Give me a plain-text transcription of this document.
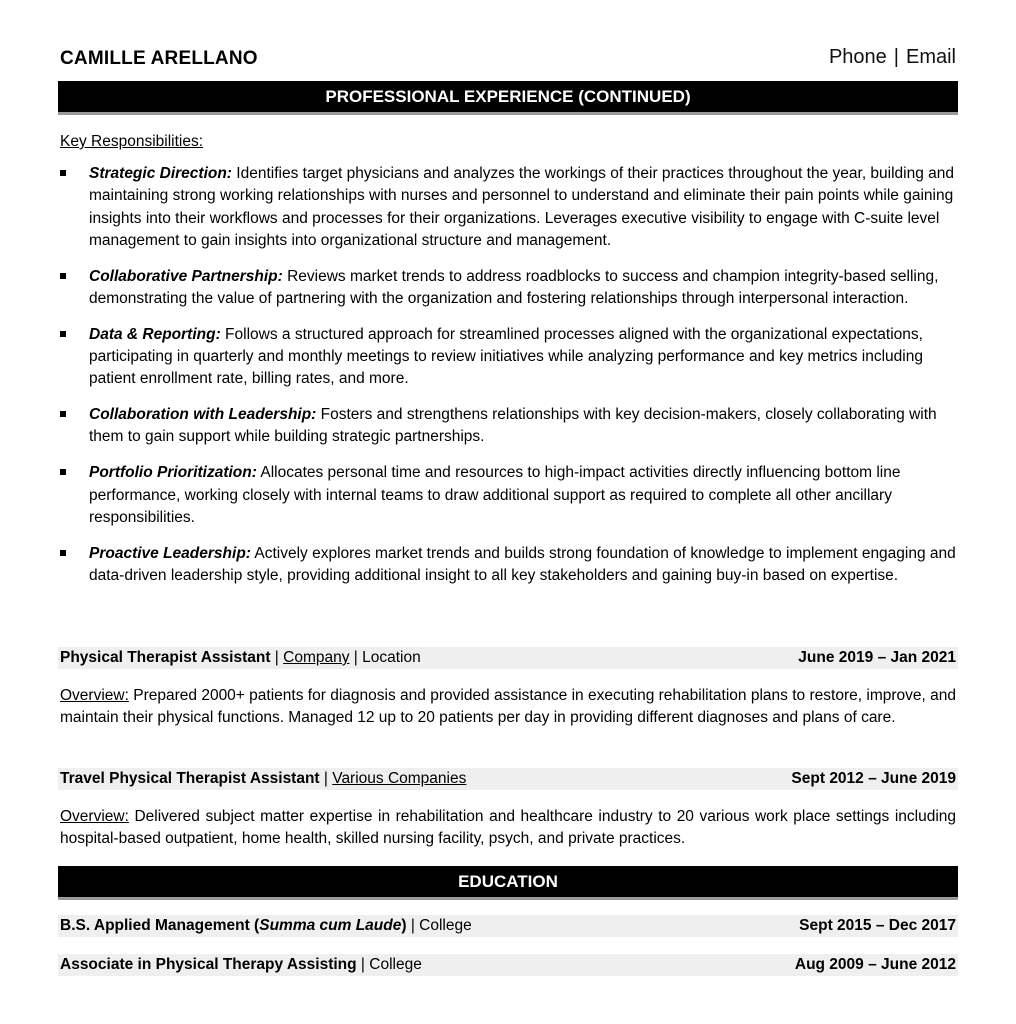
CAMILLE ARELLANO	Phone | Email
PROFESSIONAL EXPERIENCE (CONTINUED)
Key Responsibilities:
Strategic Direction: Identifies target physicians and analyzes the workings of their practices throughout the year, building and maintaining strong working relationships with nurses and personnel to understand and eliminate their pain points while gaining insights into their workflows and processes for their organizations. Leverages executive visibility to engage with C-suite level management to gain insights into organizational structure and management.
Collaborative Partnership: Reviews market trends to address roadblocks to success and champion integrity-based selling, demonstrating the value of partnering with the organization and fostering relationships through interpersonal interaction.
Data & Reporting: Follows a structured approach for streamlined processes aligned with the organizational expectations, participating in quarterly and monthly meetings to review initiatives while analyzing performance and key metrics including patient enrollment rate, billing rates, and more.
Collaboration with Leadership: Fosters and strengthens relationships with key decision-makers, closely collaborating with them to gain support while building strategic partnerships.
Portfolio Prioritization: Allocates personal time and resources to high-impact activities directly influencing bottom line performance, working closely with internal teams to draw additional support as required to complete all other ancillary responsibilities.
Proactive Leadership: Actively explores market trends and builds strong foundation of knowledge to implement engaging and data-driven leadership style, providing additional insight to all key stakeholders and gaining buy-in based on expertise.
Physical Therapist Assistant | Company | Location	June 2019 – Jan 2021
Overview: Prepared 2000+ patients for diagnosis and provided assistance in executing rehabilitation plans to restore, improve, and maintain their physical functions. Managed 12 up to 20 patients per day in providing different diagnoses and plans of care.
Travel Physical Therapist Assistant | Various Companies	Sept 2012 – June 2019
Overview: Delivered subject matter expertise in rehabilitation and healthcare industry to 20 various work place settings including hospital-based outpatient, home health, skilled nursing facility, psych, and private practices.
EDUCATION
B.S. Applied Management (Summa cum Laude) | College	Sept 2015 – Dec 2017
Associate in Physical Therapy Assisting | College	Aug 2009 – June 2012
